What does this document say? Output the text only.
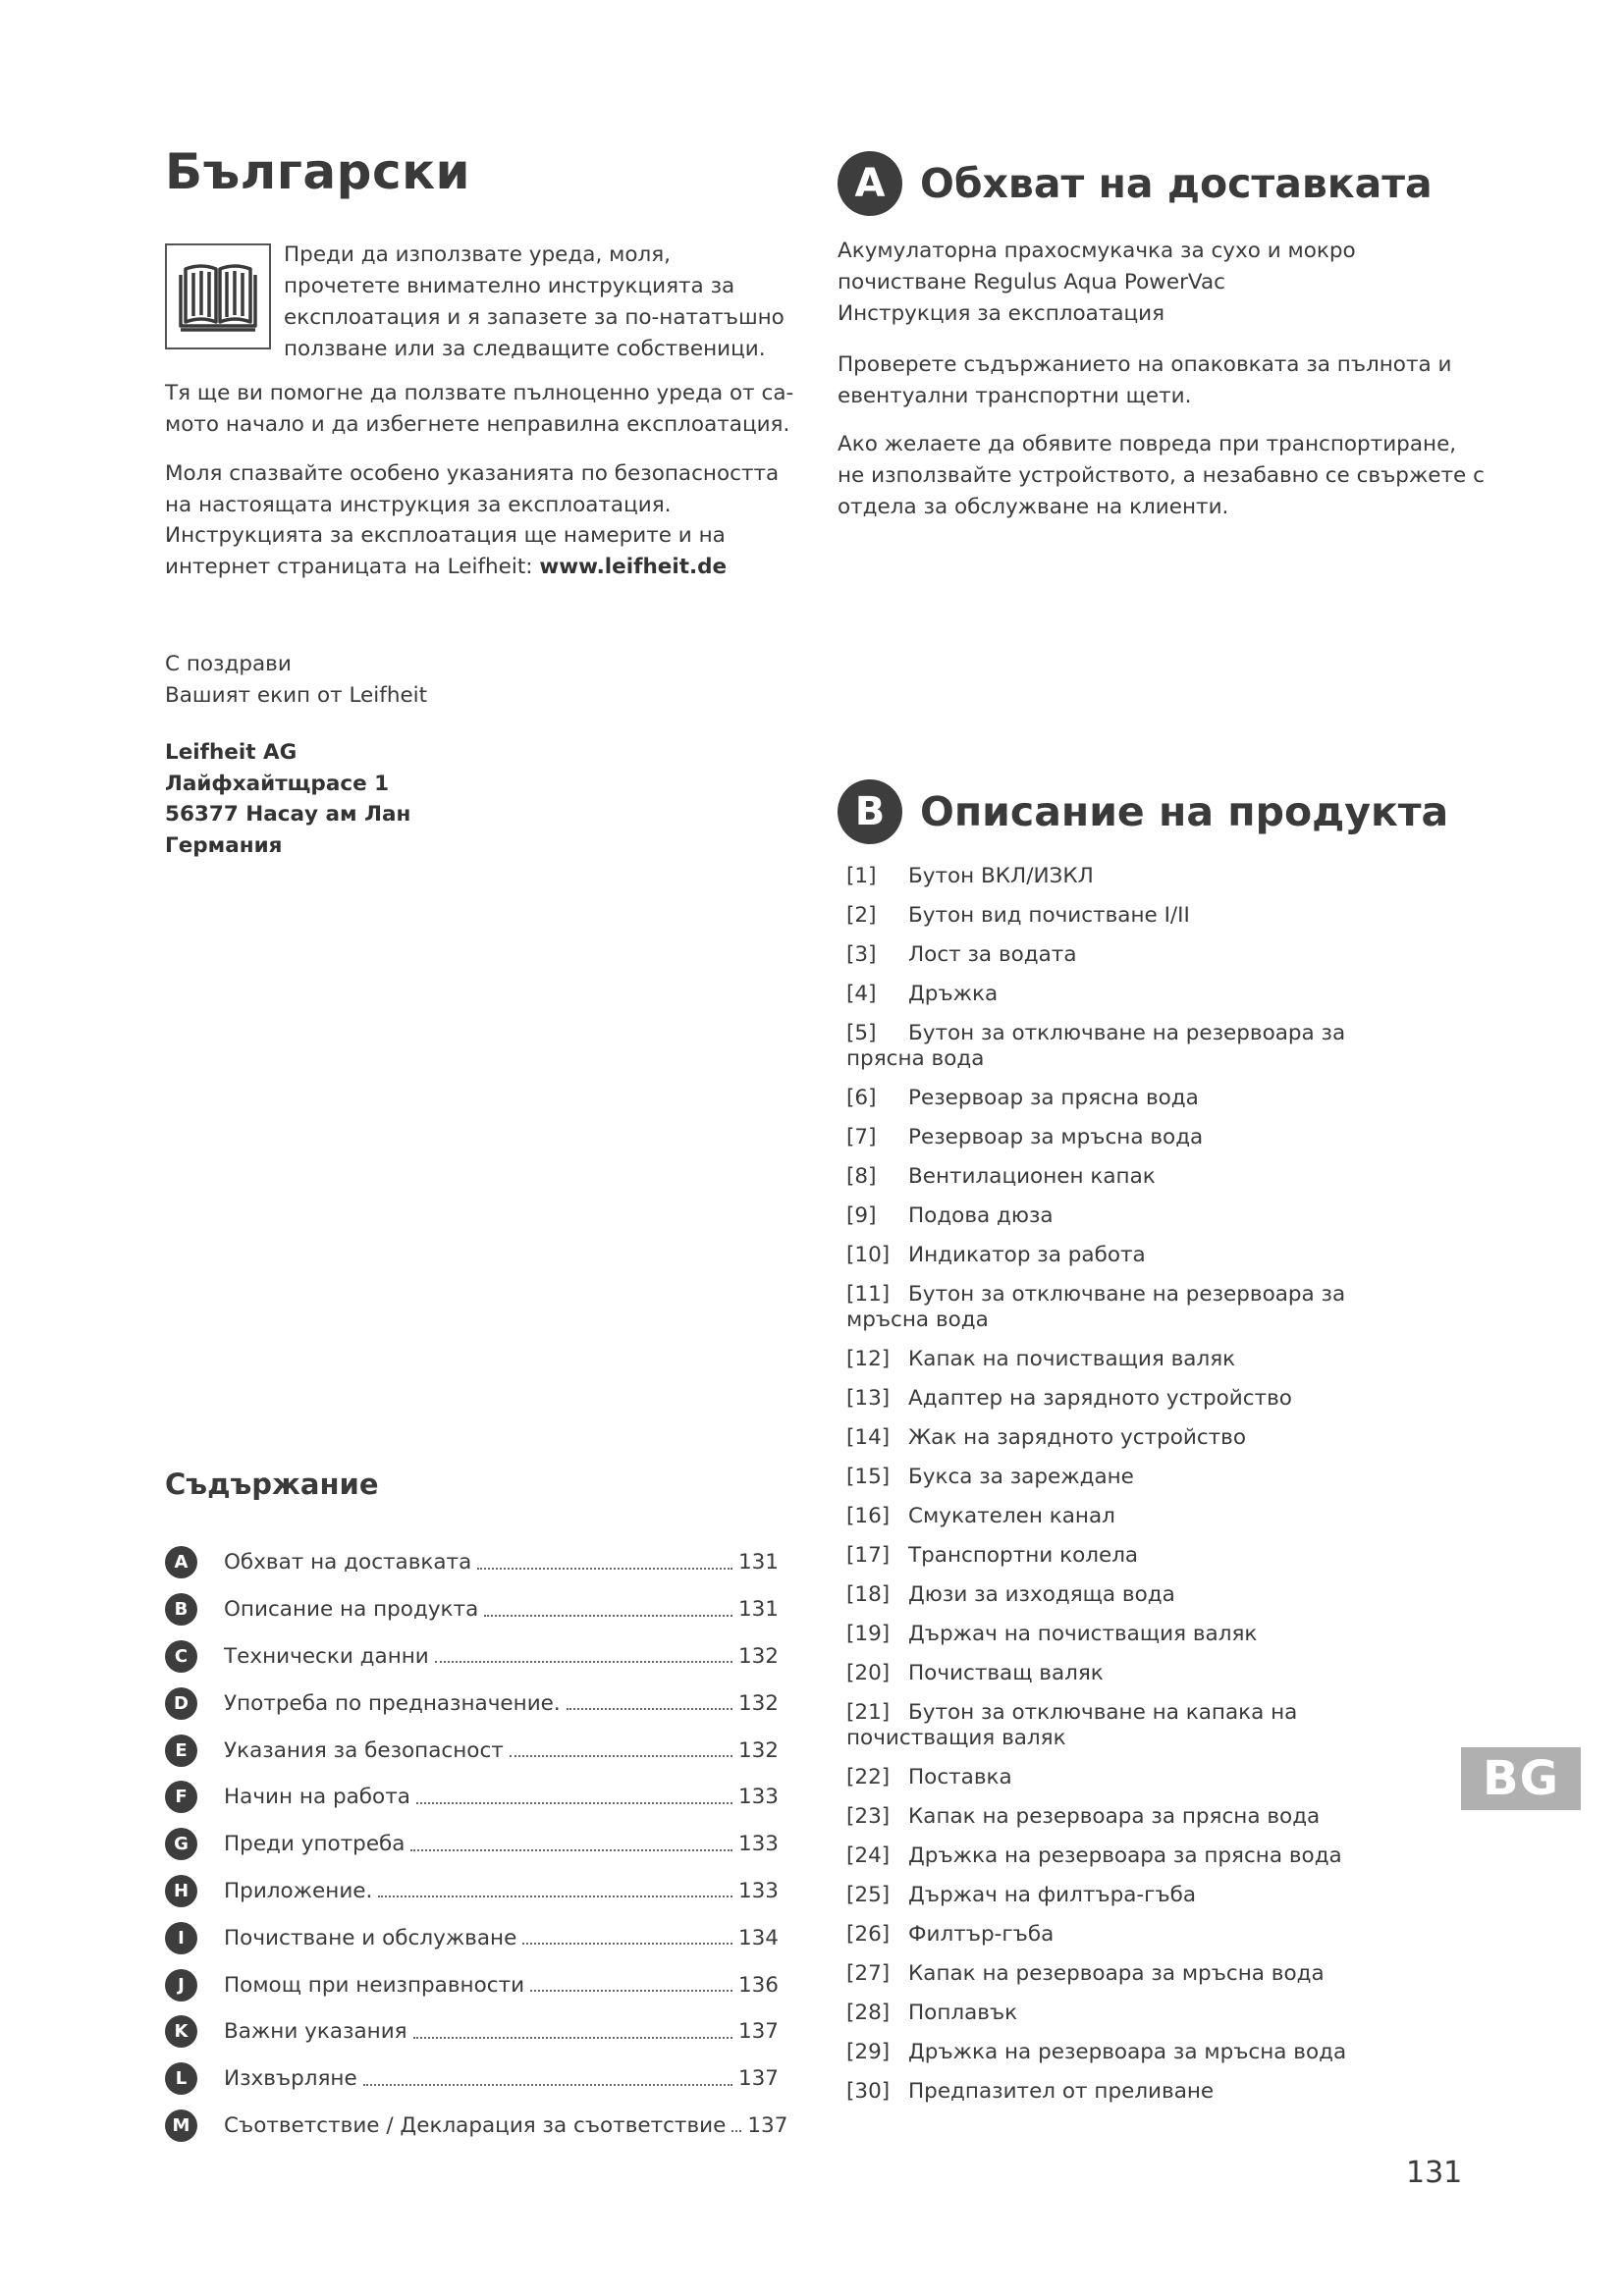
Български

Преди да използвате уреда, моля, прочетете внимателно инструкцията за експлоатация и я запазете за по-нататъшно ползване или за следващите собственици.

Тя ще ви помогне да ползвате пълноценно уреда от са- мото начало и да избегнете неправилна експлоатация.

Моля спазвайте особено указанията по безопасността на настоящата инструкция за експлоатация. Инструкцията за експлоатация ще намерите и на интернет страницата на Leifheit: www.leifheit.de

С поздрави
Вашият екип от Leifheit
Leifheit AG
Лайфхайтщрасе 1
56377 Насау ам Лан
Германия
Съдържание
A	Обхват на доставката	131
B	Описание на продукта	131
C	Технически данни	132
D	Употреба по предназначение.	132
E	Указания за безопасност	132
F	Начин на работа	133
G	Преди употреба	133
H	Приложение.	133
I	Почистване и обслужване	134
J	Помощ при неизправности	136
K	Важни указания	137
L	Изхвърляне	137
M	Съответствие / Декларация за съответствие 137
A Обхват на доставката
Акумулаторна прахосмукачка за сухо и мокро почистване Regulus Aqua PowerVac
Инструкция за експлоатация

Проверете съдържанието на опаковката за пълнота и евентуални транспортни щети.

Ако желаете да обявите повреда при транспортиране, не използвайте устройството, а незабавно се свържете с отдела за обслужване на клиенти.

B Описание на продукта
[1] Бутон ВКЛ/ИЗКЛ
[2] Бутон вид почистване I/II
[3] Лост за водата
[4] Дръжка
[5] Бутон за отключване на резервоара за прясна вода
[6] Резервоар за прясна вода
[7] Резервоар за мръсна вода
[8] Вентилационен капак
[9] Подова дюза
[10] Индикатор за работа
[11] Бутон за отключване на резервоара за мръсна вода
[12] Капак на почистващия валяк
[13] Адаптер на зарядното устройство
[14] Жак на зарядното устройство
[15] Букса за зареждане
[16] Смукателен канал
[17] Транспортни колела
[18] Дюзи за изходяща вода
[19] Държач на почистващия валяк
[20] Почистващ валяк
[21] Бутон за отключване на капака на почистващия валяк
[22] Поставка
[23] Капак на резервоара за прясна вода
[24] Дръжка на резервоара за прясна вода
[25] Държач на филтъра-гъба
[26] Филтър-гъба
[27] Капак на резервоара за мръсна вода
[28] Поплавък
[29] Дръжка на резервоара за мръсна вода
[30] Предпазител от преливане
BG
131
